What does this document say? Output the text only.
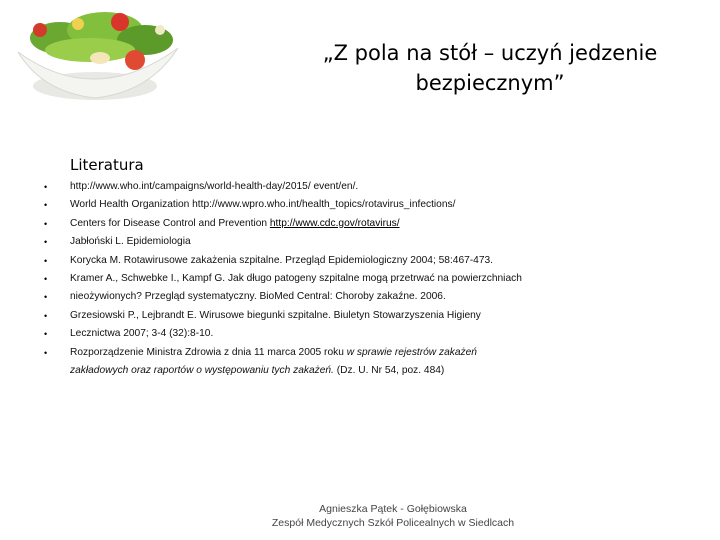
„Z pola na stół – uczyń jedzenie
bezpiecznym”
Literatura
•
•
•
•
•
•
•
•
•
•
http://www.who.int/campaigns/world-health-day/2015/ event/en/.
World Health Organization http://www.wpro.who.int/health_topics/rotavirus_infections/
Centers for Disease Control and Prevention http://www.cdc.gov/rotavirus/
Jabłoński L. Epidemiologia
Korycka M. Rotawirusowe zakażenia szpitalne. Przegląd Epidemiologiczny 2004; 58:467-473.
Kramer A., Schwebke I., Kampf G. Jak długo patogeny szpitalne mogą przetrwać na powierzchniach
nieożywionych? Przegląd systematyczny. BioMed Central: Choroby zakaźne. 2006.
Grzesiowski P., Lejbrandt E. Wirusowe biegunki szpitalne. Biuletyn Stowarzyszenia Higieny
Lecznictwa 2007; 3-4 (32):8-10.
Rozporządzenie Ministra Zdrowia z dnia 11 marca 2005 roku w sprawie rejestrów zakażeń
zakładowych oraz raportów o występowaniu tych zakażeń. (Dz. U. Nr 54, poz. 484)
Agnieszka Pątek - Gołębiowska
Zespół Medycznych Szkół Policealnych w Siedlcach
